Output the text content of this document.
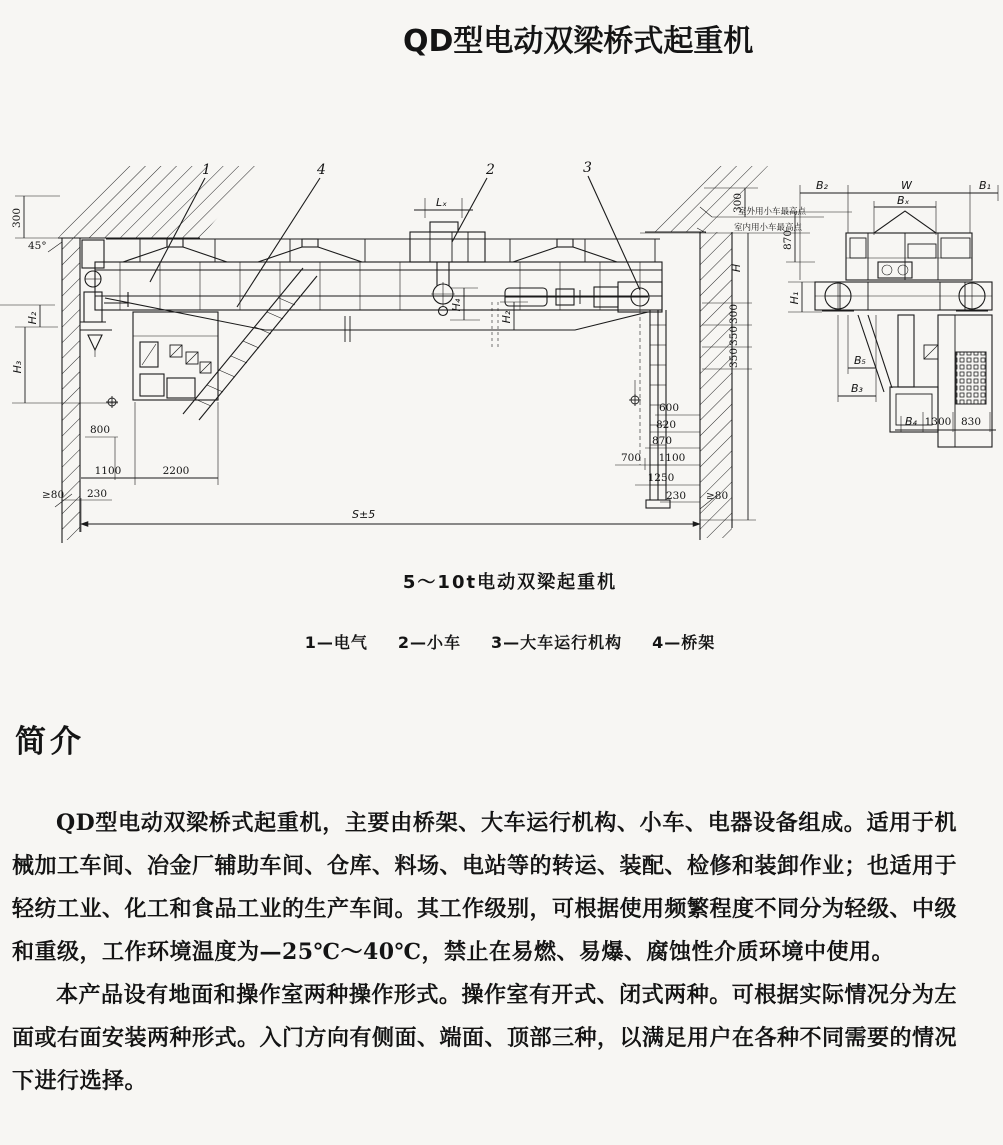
QD型电动双梁桥式起重机
1	4	2	3
300
45°
H₂
H₃
800
1100	2200
≥80 230
S±5
Lₓ
H₄
H₂
室外用小车最高点
室内用小车最高点
300
H
300
350
350
600
820
870
700 1100
1250
230 ≥80
B₂	W	B₁
Bₓ
870
H₁
B₅
B₃
B₄ 1300 830
5～10t电动双梁起重机
1—电气 2—小车 3—大车运行机构 4—桥架
简介

QD型电动双梁桥式起重机，主要由桥架、大车运行机构、小车、电器设备组成。适用于机械加工车间、冶金厂辅助车间、仓库、料场、电站等的转运、装配、检修和装卸作业；也适用于轻纺工业、化工和食品工业的生产车间。其工作级别，可根据使用频繁程度不同分为轻级、中级和重级，工作环境温度为—25℃～40℃，禁止在易燃、易爆、腐蚀性介质环境中使用。

本产品设有地面和操作室两种操作形式。操作室有开式、闭式两种。可根据实际情况分为左面或右面安装两种形式。入门方向有侧面、端面、顶部三种，以满足用户在各种不同需要的情况下进行选择。
